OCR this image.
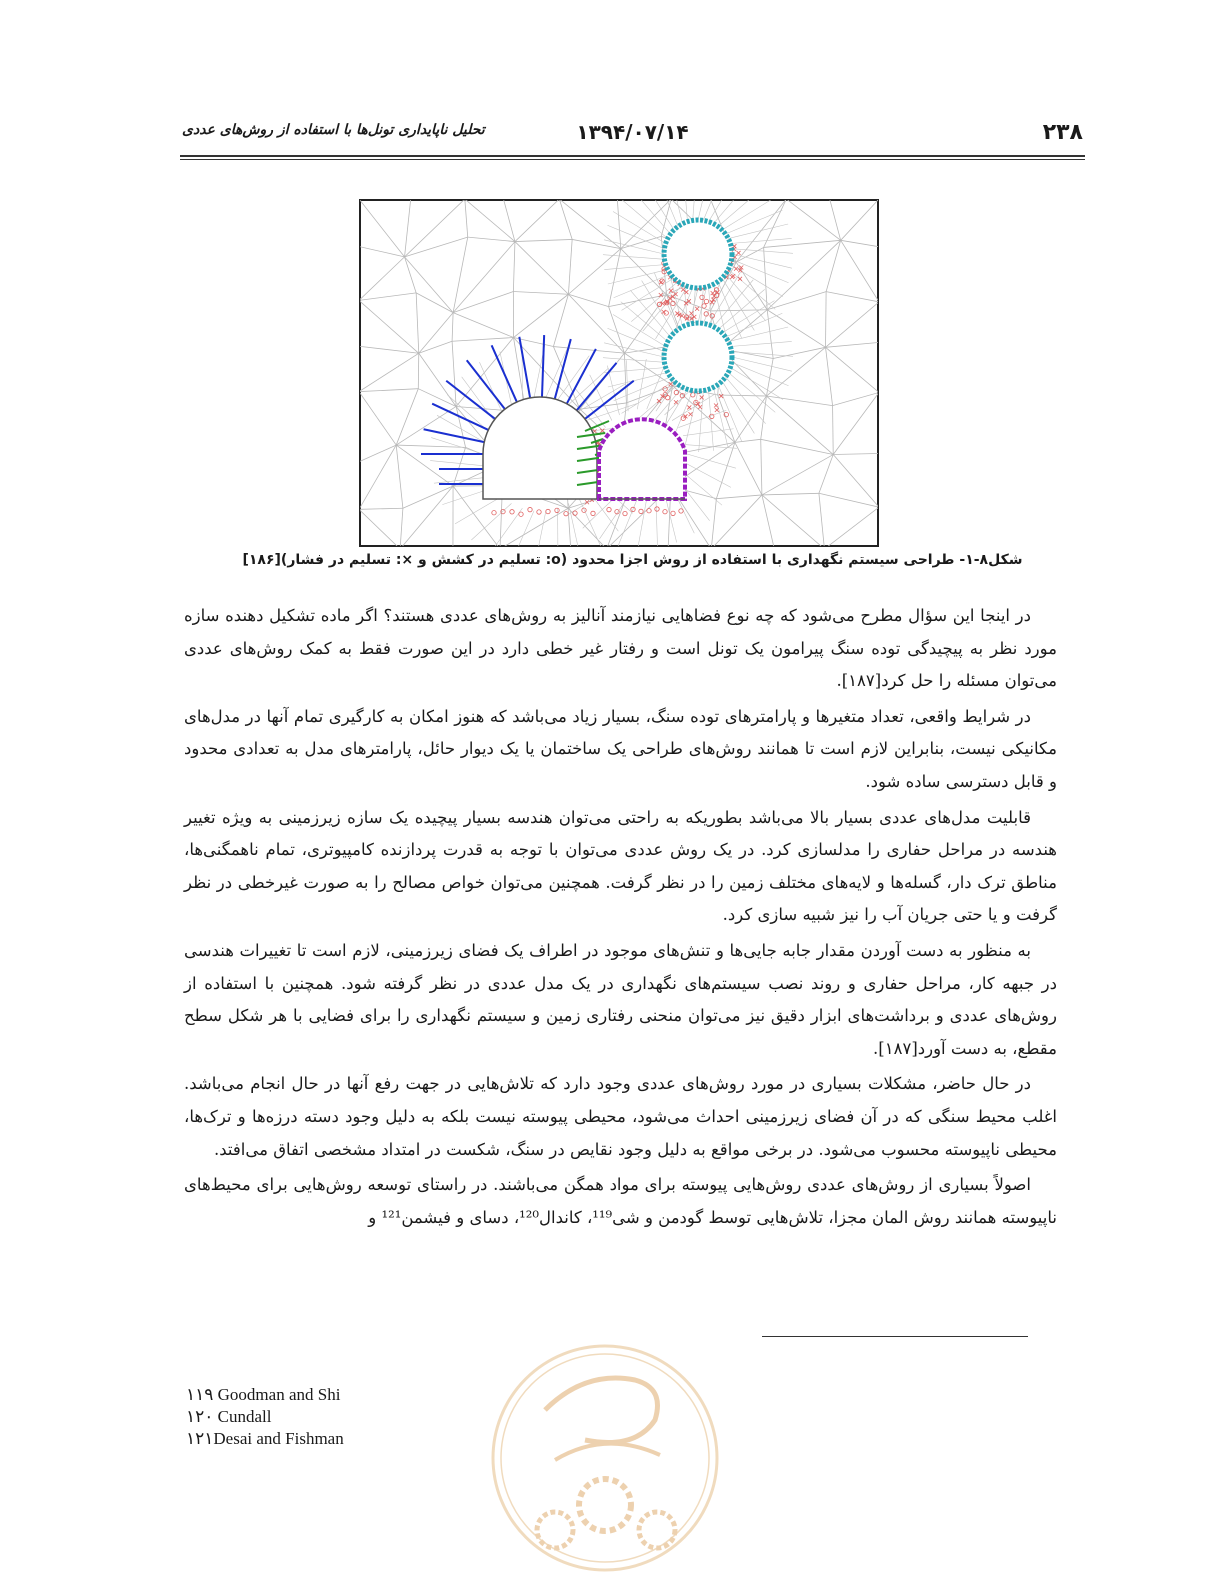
۲۳۸
۱۳۹۴/۰۷/۱۴
تحلیل ناپایداری تونل‌ها با استفاده از روش‌های عددی
شکل۸-۱- طراحی سیستم نگهداری با استفاده از روش اجزا محدود (o: تسلیم در کشش و ×: تسلیم در فشار)[۱۸۶]

در اینجا این سؤال مطرح می‌شود که چه نوع فضاهایی نیازمند آنالیز به روش‌های عددی هستند؟ اگر ماده تشکیل دهنده سازه مورد نظر به پیچیدگی توده سنگ پیرامون یک تونل است و رفتار غیر خطی دارد در این صورت فقط به کمک روش‌های عددی می‌توان مسئله را حل کرد[۱۸۷].

در شرایط واقعی، تعداد متغیرها و پارامترهای توده سنگ، بسیار زیاد می‌باشد که هنوز امکان به کارگیری تمام آنها در مدل‌های مکانیکی نیست، بنابراین لازم است تا همانند روش‌های طراحی یک ساختمان یا یک دیوار حائل، پارامترهای مدل به تعدادی محدود و قابل دسترسی ساده شود.

قابلیت مدل‌های عددی بسیار بالا می‌باشد بطوریکه به راحتی می‌توان هندسه بسیار پیچیده یک سازه زیرزمینی به ویژه تغییر هندسه در مراحل حفاری را مدلسازی کرد. در یک روش عددی می‌توان با توجه به قدرت پردازنده کامپیوتری، تمام ناهمگنی‌ها، مناطق ترک دار، گسله‌ها و لایه‌های مختلف زمین را در نظر گرفت. همچنین می‌توان خواص مصالح را به صورت غیرخطی در نظر گرفت و یا حتی جریان آب را نیز شبیه سازی کرد.

به منظور به دست آوردن مقدار جابه جایی‌ها و تنش‌های موجود در اطراف یک فضای زیرزمینی، لازم است تا تغییرات هندسی در جبهه کار، مراحل حفاری و روند نصب سیستم‌های نگهداری در یک مدل عددی در نظر گرفته شود. همچنین با استفاده از روش‌های عددی و برداشت‌های ابزار دقیق نیز می‌توان منحنی رفتاری زمین و سیستم نگهداری را برای فضایی با هر شکل سطح مقطع، به دست آورد[۱۸۷].

در حال حاضر، مشکلات بسیاری در مورد روش‌های عددی وجود دارد که تلاش‌هایی در جهت رفع آنها در حال انجام می‌باشد. اغلب محیط سنگی که در آن فضای زیرزمینی احداث می‌شود، محیطی پیوسته نیست بلکه به دلیل وجود دسته درزه‌ها و ترک‌ها، محیطی ناپیوسته محسوب می‌شود. در برخی مواقع به دلیل وجود نقایص در سنگ، شکست در امتداد مشخصی اتفاق می‌افتد.

اصولاً بسیاری از روش‌های عددی روش‌هایی پیوسته برای مواد همگن می‌باشند. در راستای توسعه روش‌هایی برای محیط‌های ناپیوسته همانند روش المان مجزا، تلاش‌هایی توسط گودمن و شی¹¹⁹، کاندال¹²⁰، دسای و فیشمن¹²¹ و

۱۱۹ Goodman and Shi
۱۲۰ Cundall
۱۲۱Desai and Fishman
